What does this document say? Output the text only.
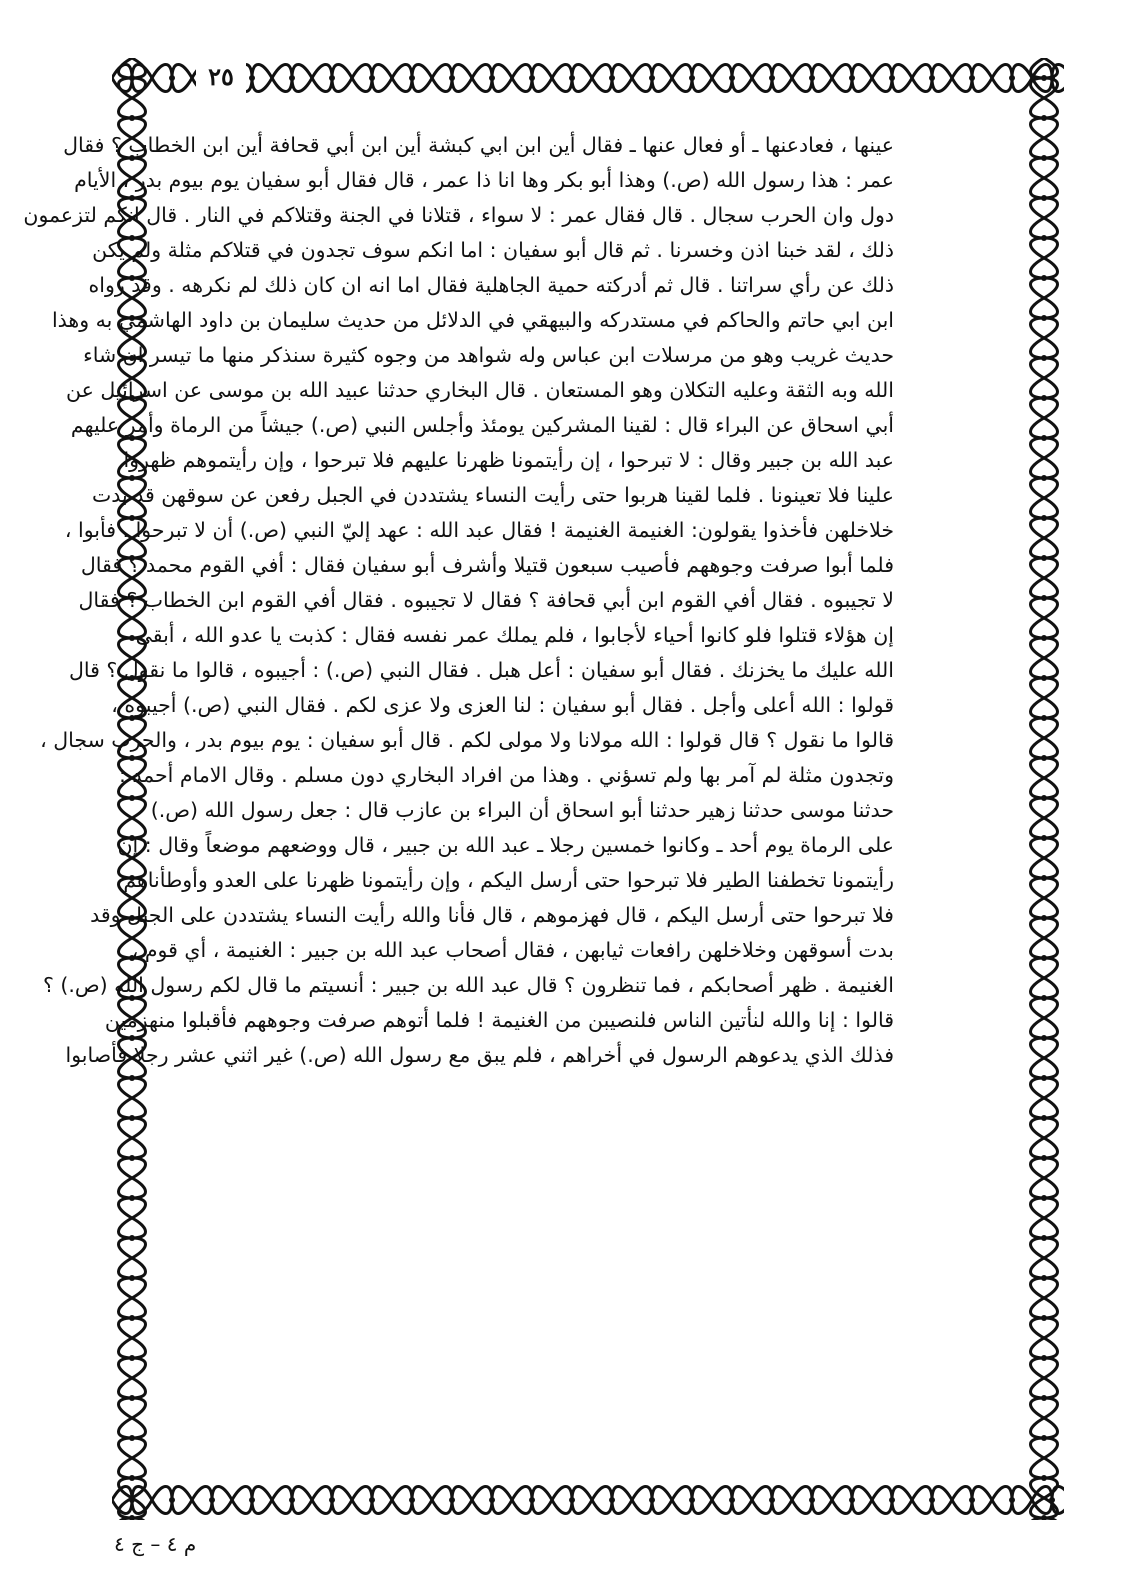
٢٥
عينها ، فعادعنها ـ أو فعال عنها ـ فقال أين ابن ابي كبشة أين ابن أبي قحافة أين ابن الخطاب ؟ فقال
عمر : هذا رسول الله (ص.) وهذا أبو بكر وها انا ذا عمر ، قال فقال أبو سفيان يوم بيوم بدر ، الأيام
دول وان الحرب سجال . قال فقال عمر : لا سواء ، قتلانا في الجنة وقتلاكم في النار . قال انكم لتزعمون
ذلك ، لقد خبنا اذن وخسرنا . ثم قال أبو سفيان : اما انكم سوف تجدون في قتلاكم مثلة ولم يكن
ذلك عن رأي سراتنا . قال ثم أدركته حمية الجاهلية فقال اما انه ان كان ذلك لم نكرهه . وقد رواه
ابن ابي حاتم والحاكم في مستدركه والبيهقي في الدلائل من حديث سليمان بن داود الهاشمي به وهذا
حديث غريب وهو من مرسلات ابن عباس وله شواهد من وجوه كثيرة سنذكر منها ما تيسر ان شاء
الله وبه الثقة وعليه التكلان وهو المستعان . قال البخاري حدثنا عبيد الله بن موسى عن اسرائيل عن
أبي اسحاق عن البراء قال : لقينا المشركين يومئذ وأجلس النبي (ص.) جيشاً من الرماة وأمر عليهم
عبد الله بن جبير وقال : لا تبرحوا ، إن رأيتمونا ظهرنا عليهم فلا تبرحوا ، وإن رأيتموهم ظهروا
علينا فلا تعينونا . فلما لقينا هربوا حتى رأيت النساء يشتددن في الجبل رفعن عن سوقهن قد بدت
خلاخلهن فأخذوا يقولون: الغنيمة الغنيمة ! فقال عبد الله : عهد إليّ النبي (ص.) أن لا تبرحوا . فأبوا ،
فلما أبوا صرفت وجوههم فأصيب سبعون قتيلا وأشرف أبو سفيان فقال : أفي القوم محمد ؟ فقال
لا تجيبوه . فقال أفي القوم ابن أبي قحافة ؟ فقال لا تجيبوه . فقال أفي القوم ابن الخطاب ؟ فقال
إن هؤلاء قتلوا فلو كانوا أحياء لأجابوا ، فلم يملك عمر نفسه فقال : كذبت يا عدو الله ، أبقى
الله عليك ما يخزنك . فقال أبو سفيان : أعل هبل . فقال النبي (ص.) : أجيبوه ، قالوا ما نقول ؟ قال
قولوا : الله أعلى وأجل . فقال أبو سفيان : لنا العزى ولا عزى لكم . فقال النبي (ص.) أجيبوه ،
قالوا ما نقول ؟ قال قولوا : الله مولانا ولا مولى لكم . قال أبو سفيان : يوم بيوم بدر ، والحرب سجال ،
وتجدون مثلة لم آمر بها ولم تسؤني . وهذا من افراد البخاري دون مسلم . وقال الامام أحمد :
حدثنا موسى حدثنا زهير حدثنا أبو اسحاق أن البراء بن عازب قال : جعل رسول الله (ص.)
على الرماة يوم أحد ـ وكانوا خمسين رجلا ـ عبد الله بن جبير ، قال ووضعهم موضعاً وقال : إن
رأيتمونا تخطفنا الطير فلا تبرحوا حتى أرسل اليكم ، وإن رأيتمونا ظهرنا على العدو وأوطأناهم
فلا تبرحوا حتى أرسل اليكم ، قال فهزموهم ، قال فأنا والله رأيت النساء يشتددن على الجبل وقد
بدت أسوقهن وخلاخلهن رافعات ثيابهن ، فقال أصحاب عبد الله بن جبير : الغنيمة ، أي قوم ،
الغنيمة . ظهر أصحابكم ، فما تنظرون ؟ قال عبد الله بن جبير : أنسيتم ما قال لكم رسول الله (ص.) ؟
قالوا : إنا والله لنأتين الناس فلنصيبن من الغنيمة ! فلما أتوهم صرفت وجوههم فأقبلوا منهزمين
فذلك الذي يدعوهم الرسول في أخراهم ، فلم يبق مع رسول الله (ص.) غير اثني عشر رجلا فأصابوا
م ٤ – ج ٤
